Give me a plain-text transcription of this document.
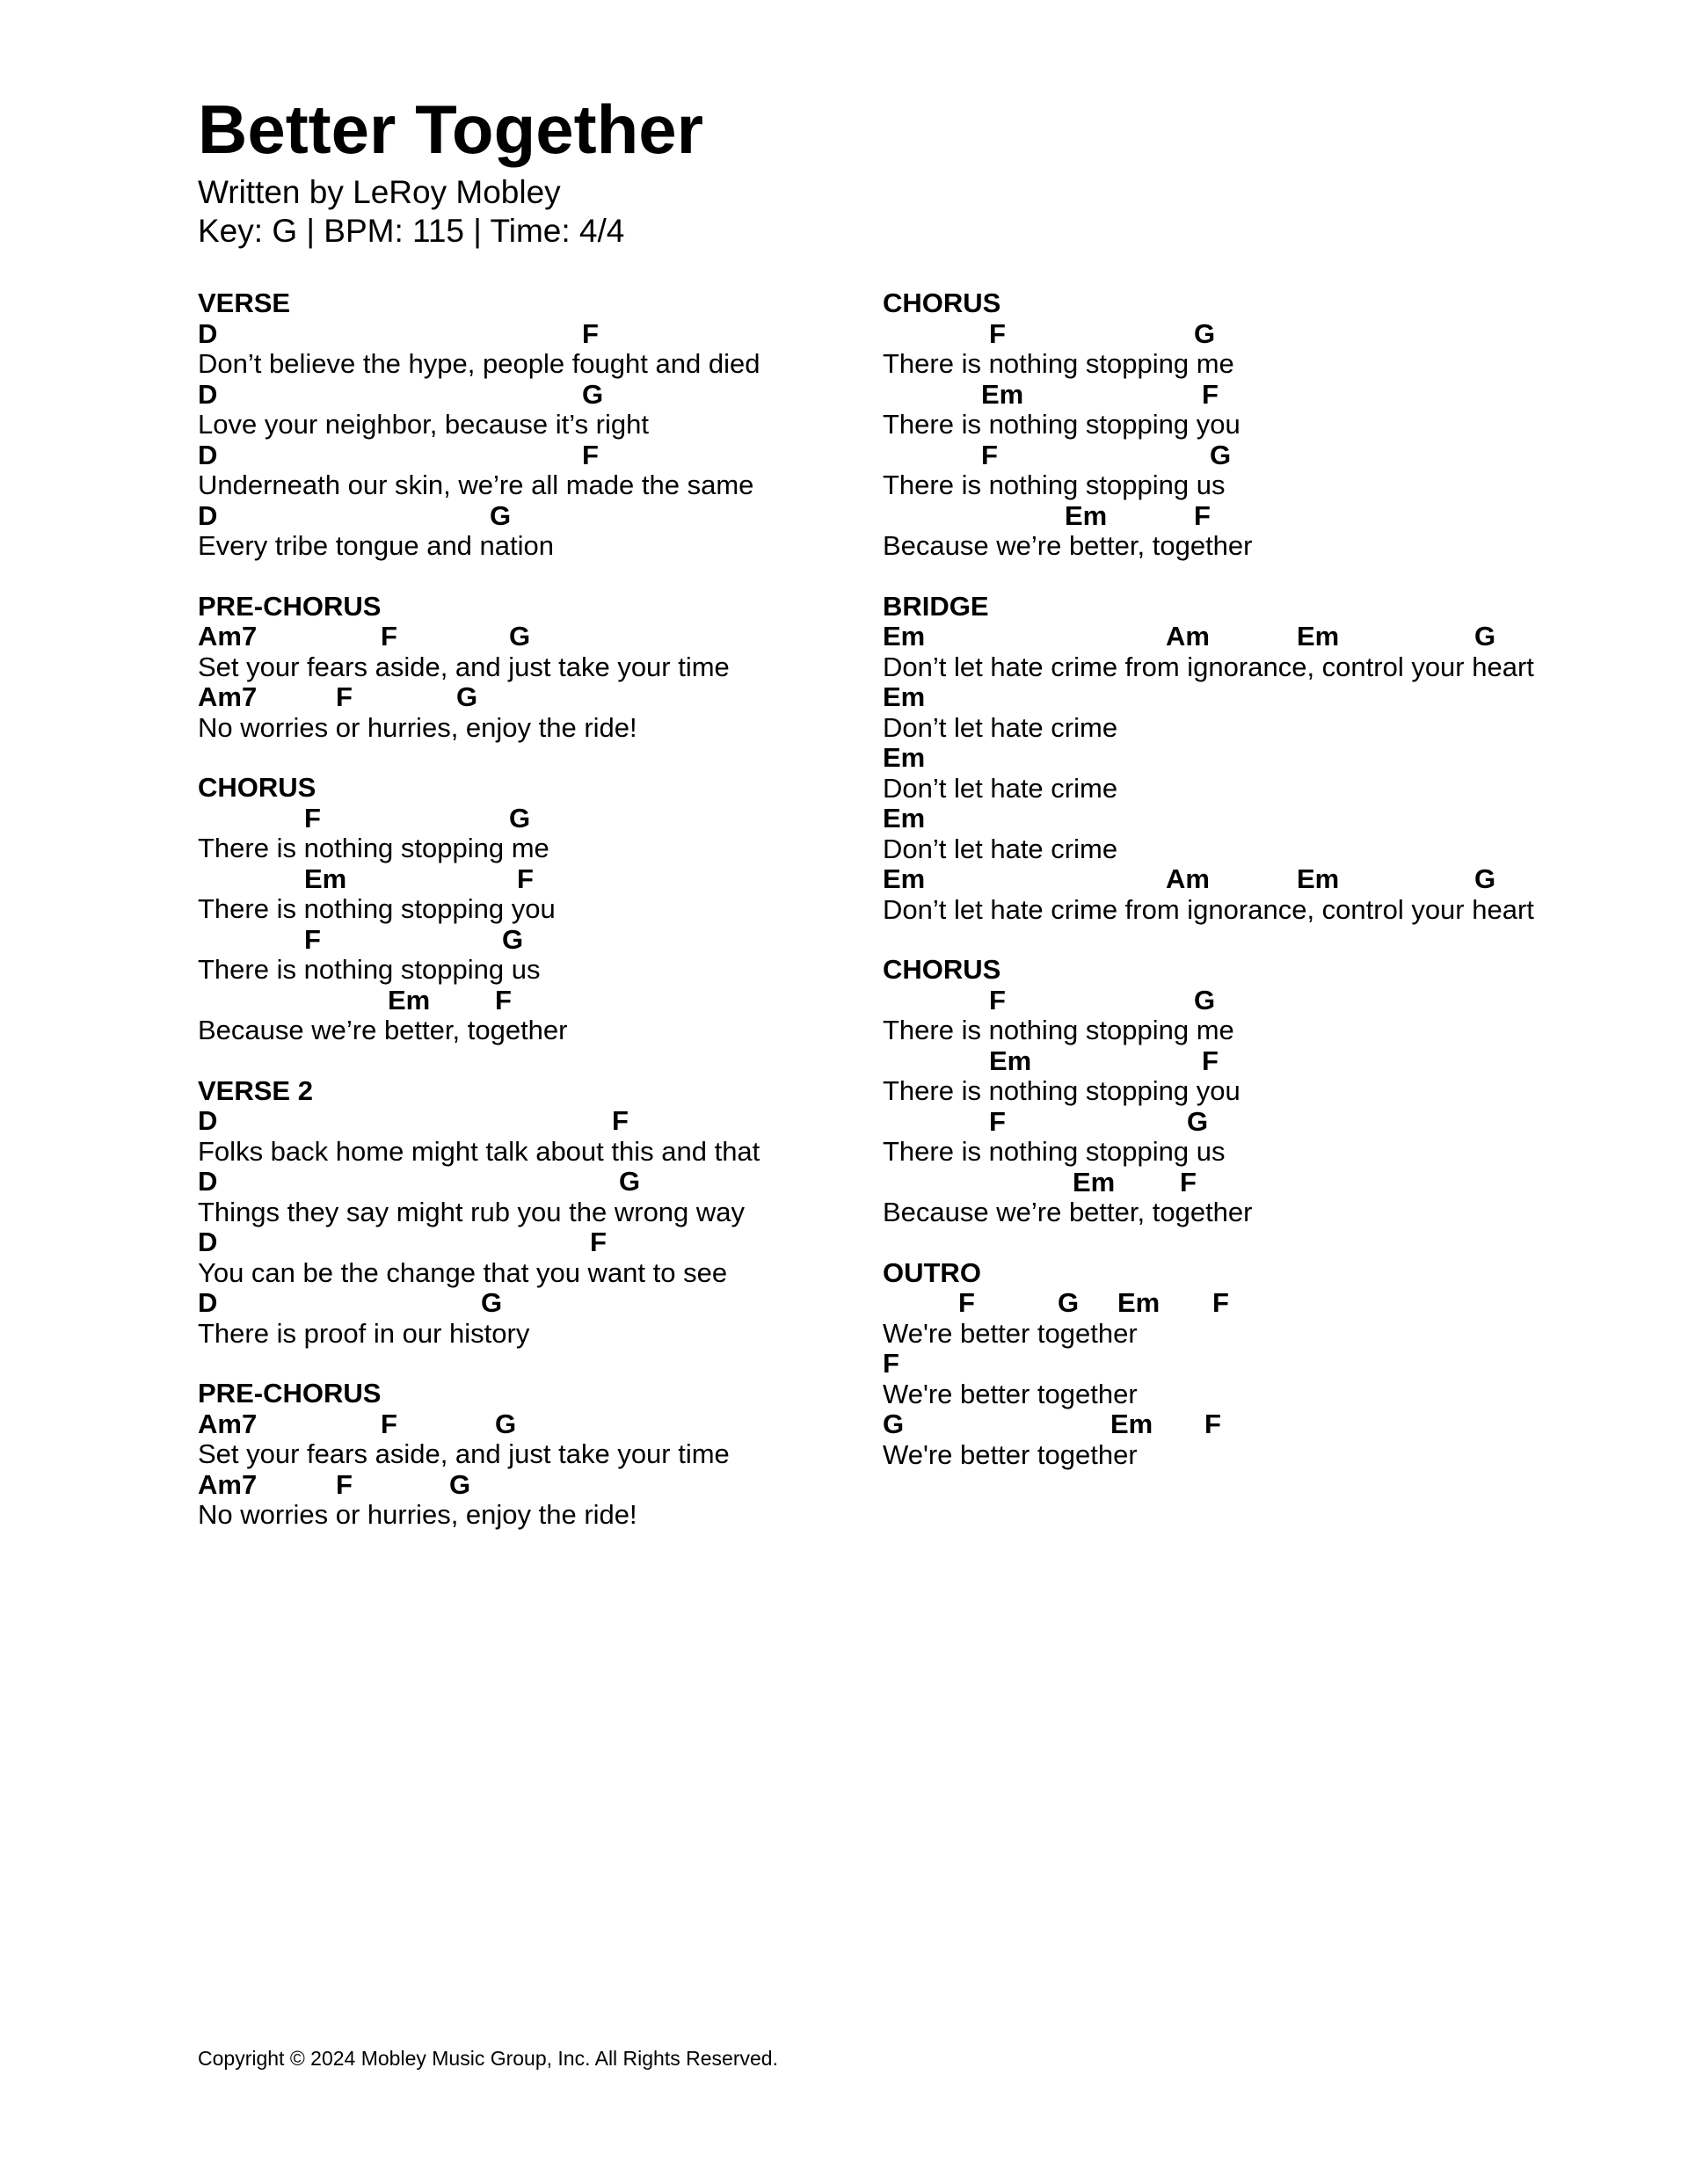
Better Together
Written by LeRoy Mobley
Key: G | BPM: 115 | Time: 4/4
VERSE
D	F
Don’t believe the hype, people fought and died
D	G
Love your neighbor, because it’s right
D	F
Underneath our skin, we’re all made the same
D	G
Every tribe tongue and nation
PRE-CHORUS
Am7	F	G
Set your fears aside, and just take your time
Am7	F	G
No worries or hurries, enjoy the ride!
CHORUS
F	G
There is nothing stopping me
Em	F
There is nothing stopping you
F	G
There is nothing stopping us
Em F
Because we’re better, together
VERSE 2
D	F
Folks back home might talk about this and that
D	G
Things they say might rub you the wrong way
D	F
You can be the change that you want to see
D	G
There is proof in our history
PRE-CHORUS
Am7	F	G
Set your fears aside, and just take your time
Am7	F	G
No worries or hurries, enjoy the ride!
CHORUS
F	G
There is nothing stopping me
Em	F
There is nothing stopping you
F	G
There is nothing stopping us
Em	F
Because we’re better, together
BRIDGE
Em	Am	Em	G
Don’t let hate crime from ignorance, control your heart
Em
Don’t let hate crime
Em
Don’t let hate crime
Em
Don’t let hate crime
Em	Am	Em	G
Don’t let hate crime from ignorance, control your heart
CHORUS
F	G
There is nothing stopping me
Em	F
There is nothing stopping you
F	G
There is nothing stopping us
Em F
Because we’re better, together
OUTRO
F	G Em F
We're better together
F
We're better together
G	Em F
We're better together
Copyright © 2024 Mobley Music Group, Inc. All Rights Reserved.
